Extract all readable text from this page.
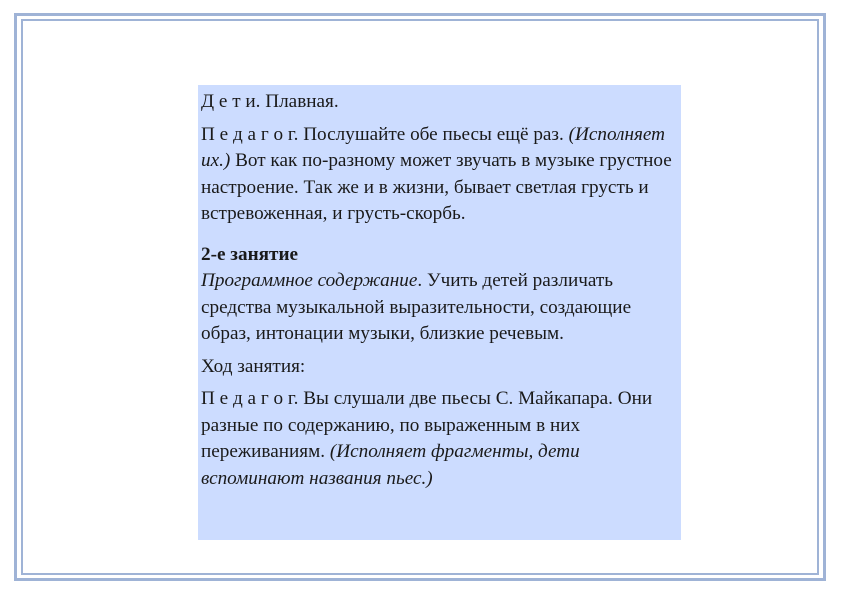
Д е т и. Плавная.

П е д а г о г. Послушайте обе пьесы ещё раз. (Исполняет их.) Вот как по-разному может звучать в музыке грустное настроение. Так же и в жизни, бывает светлая грусть и встревоженная, и грусть-скорбь.

2-е занятие

Программное содержание. Учить детей различать средства музыкальной выразительности, создающие образ, интонации музыки, близкие речевым.

Ход занятия:

П е д а г о г. Вы слушали две пьесы С. Майкапара. Они разные по содержанию, по выраженным в них переживаниям. (Исполняет фрагменты, дети вспоминают названия пьес.)
